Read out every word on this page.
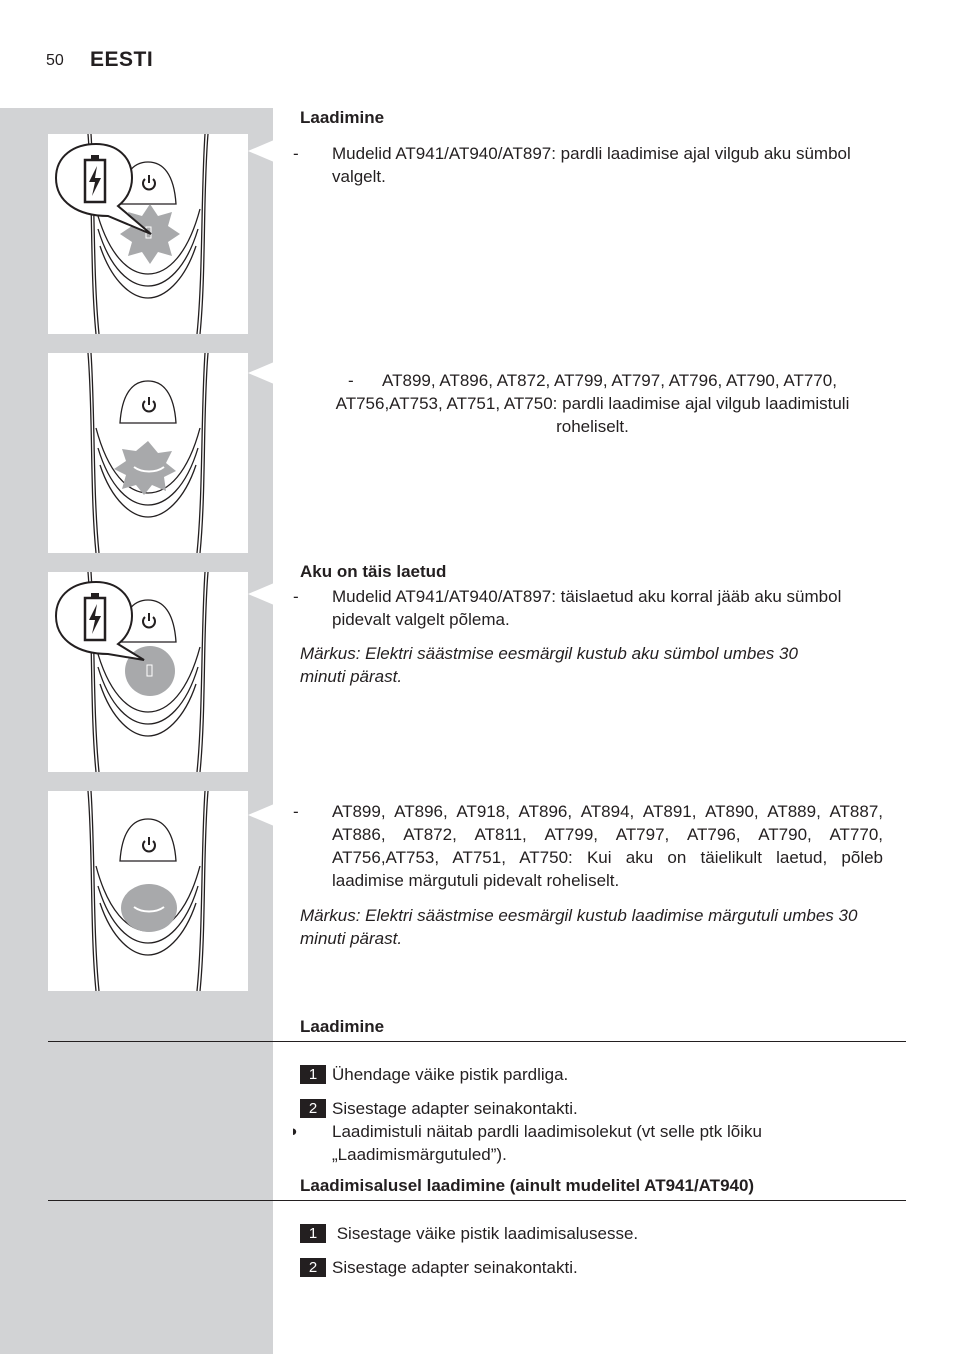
50 EESTI
Laadimine
- Mudelid AT941/AT940/AT897: pardli laadimise ajal vilgub aku sümbol valgelt.
-      AT899, AT896, AT872, AT799, AT797, AT796, AT790, AT770,
AT756,AT753, AT751, AT750: pardli laadimise ajal vilgub laadimistuli
roheliselt.
Aku on täis laetud
- Mudelid AT941/AT940/AT897: täislaetud aku korral jääb aku sümbol pidevalt valgelt põlema.
Märkus: Elektri säästmise eesmärgil kustub aku sümbol umbes 30 minuti pärast.
- AT899, AT896, AT918, AT896, AT894, AT891, AT890, AT889, AT887, AT886, AT872, AT811, AT799, AT797, AT796, AT790, AT770, AT756,AT753, AT751, AT750: Kui aku on täielikult laetud, põleb laadimise märgutuli pidevalt roheliselt.
Märkus: Elektri säästmise eesmärgil kustub laadimise märgutuli umbes 30 minuti pärast.
Laadimine
1 Ühendage väike pistik pardliga.
2 Sisestage adapter seinakontakti.
◗ Laadimistuli näitab pardli laadimisolekut (vt selle ptk lõiku „Laadimismärgutuled”).
Laadimisalusel laadimine (ainult mudelitel AT941/AT940)
1 Sisestage väike pistik laadimisalusesse.
2 Sisestage adapter seinakontakti.
